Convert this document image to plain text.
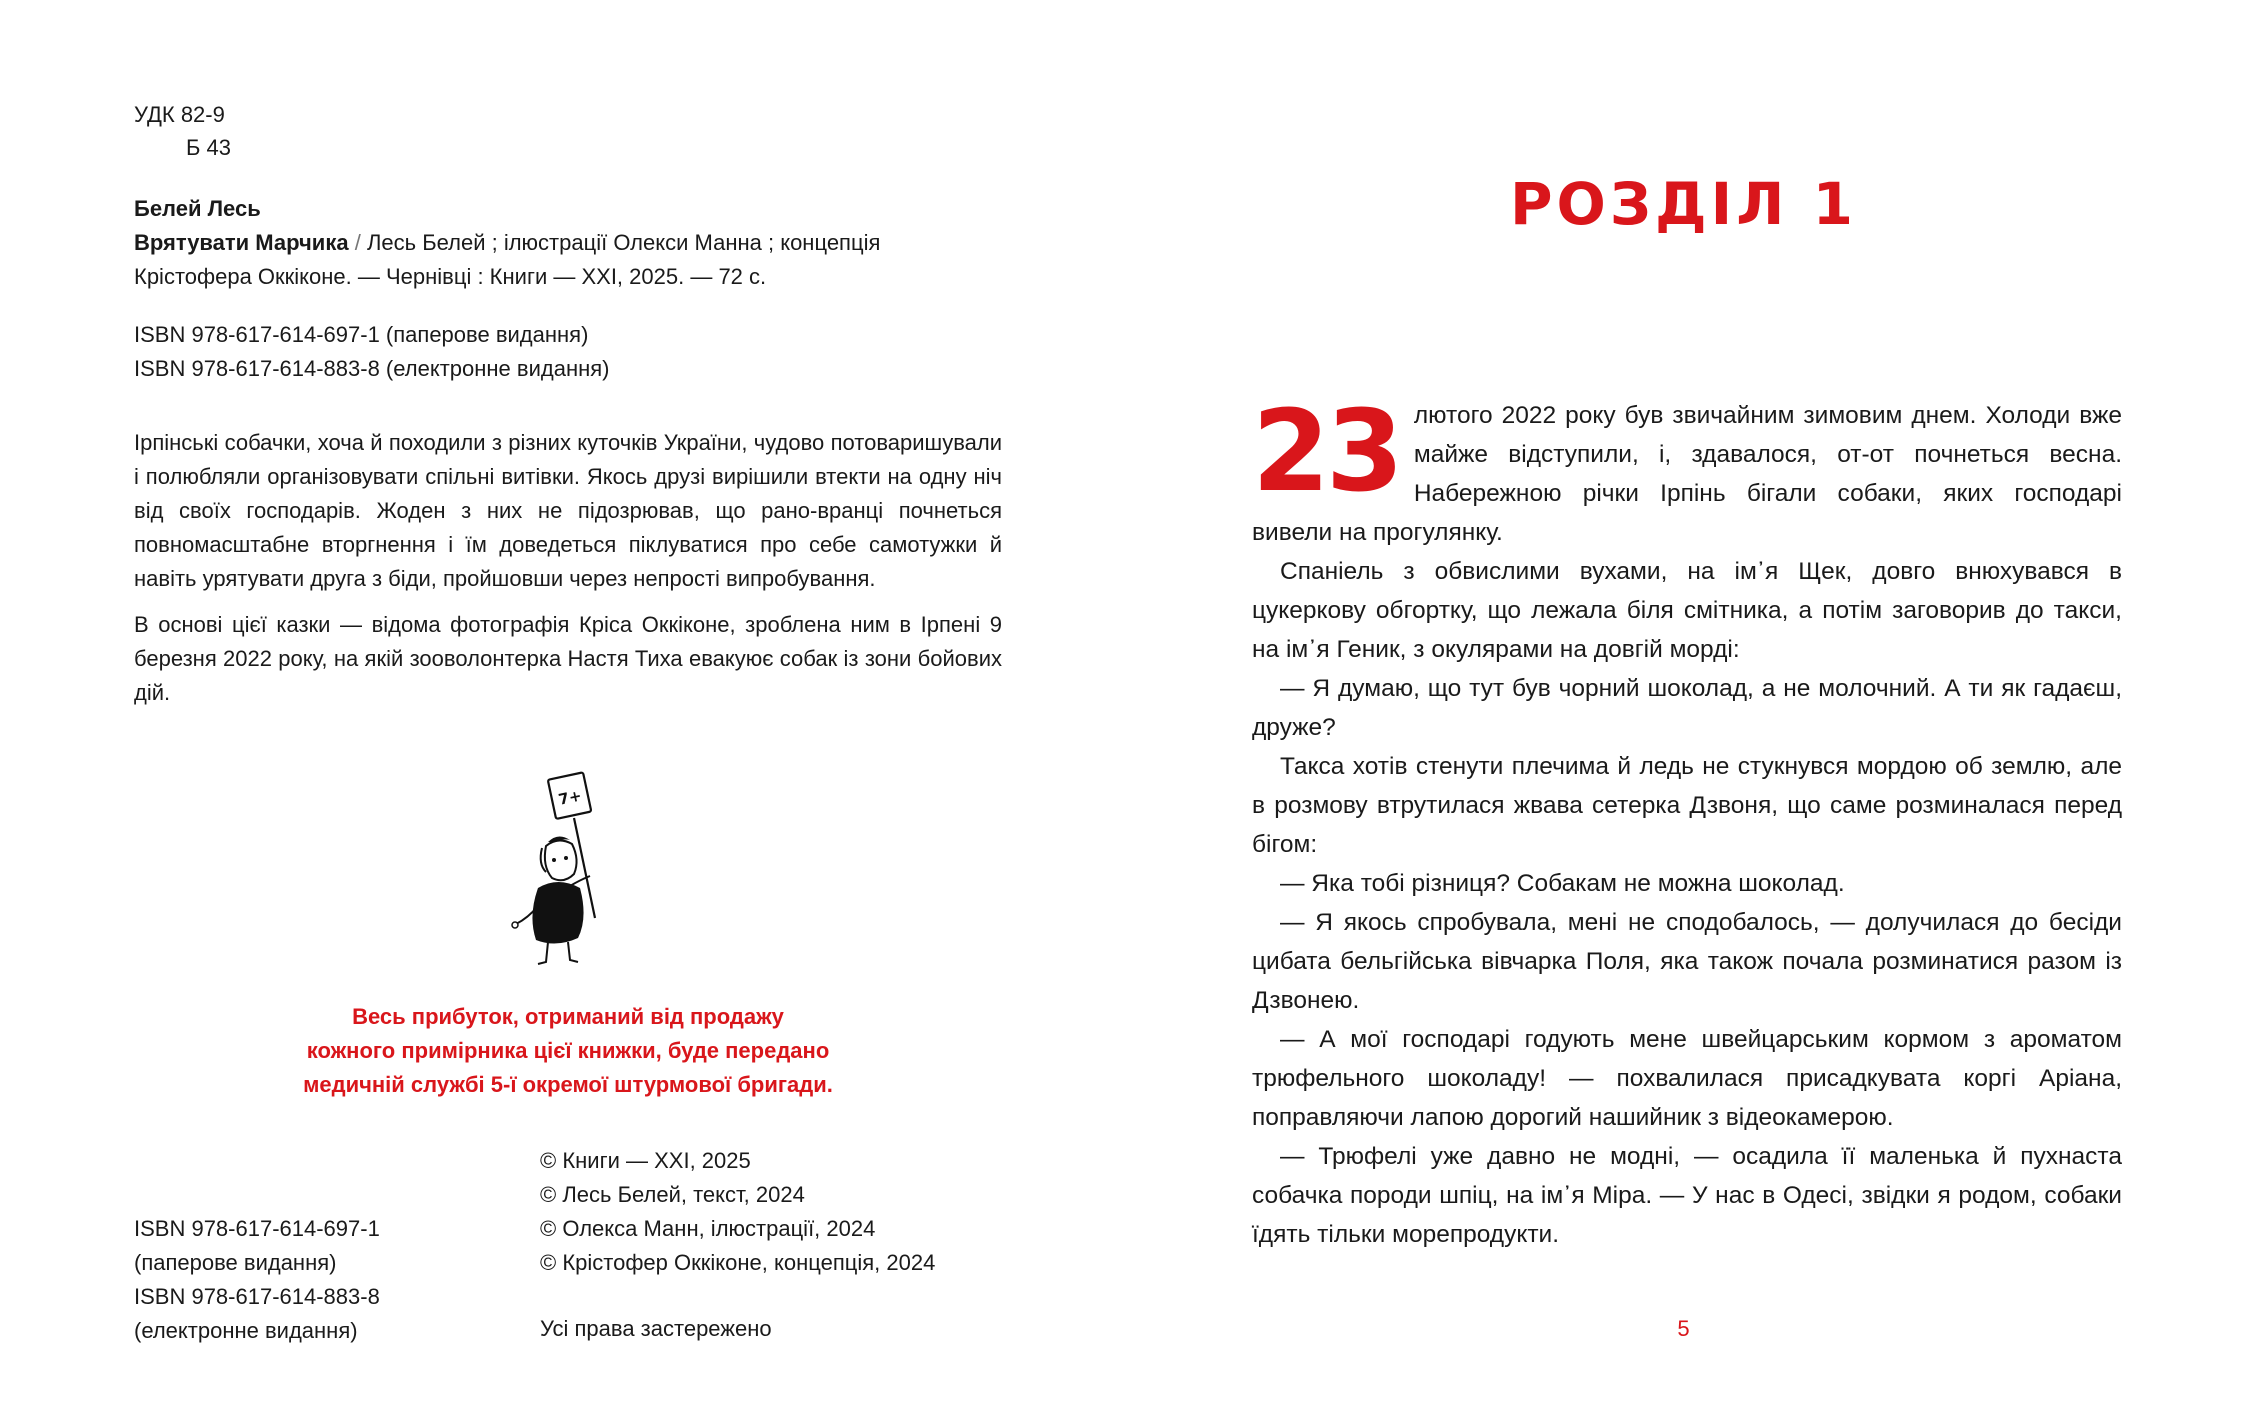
УДК 82-9
Б 43
Белей Лесь
Врятувати Марчика / Лесь Белей ; ілюстрації Олекси Манна ; концепція Крістофера Оккіконе. — Чернівці : Книги — ХХІ, 2025. — 72 с.
ISBN 978-617-614-697-1 (паперове видання)
ISBN 978-617-614-883-8 (електронне видання)

Ірпінські собачки, хоча й походили з різних куточків України, чудово потоваришували і полюбляли організовувати спільні витівки. Якось друзі вирішили втекти на одну ніч від своїх господарів. Жоден з них не підозрював, що рано-вранці почнеться повномасштабне вторгнення і їм доведеться піклуватися про себе самотужки й навіть урятувати друга з біди, пройшовши через непрості випробування.

В основі цієї казки — відома фотографія Кріса Оккіконе, зроблена ним в Ірпені 9 березня 2022 року, на якій зооволонтерка Настя Тиха евакуює собак із зони бойових дій.

7+
Весь прибуток, отриманий від продажу
кожного примірника цієї книжки, буде передано
медичній службі 5-ї окремої штурмової бригади.
ISBN 978-617-614-697-1
(паперове видання)
ISBN 978-617-614-883-8
(електронне видання)
© Книги — ХХІ, 2025
© Лесь Белей, текст, 2024
© Олекса Манн, ілюстрації, 2024
© Крістофер Оккіконе, концепція, 2024
Усі права застережено
РОЗДІЛ 1

23 лютого 2022 року був звичайним зимовим днем. Холоди вже майже відступили, і, здавалося, от-от почнеться весна. Набережною річки Ірпінь бігали собаки, яких господарі вивели на прогулянку.

Спаніель з обвислими вухами, на ім᾿я Щек, довго внюхувався в цукеркову обгортку, що лежала біля смітника, а потім заговорив до такси, на ім᾿я Геник, з окулярами на довгій морді:

— Я думаю, що тут був чорний шоколад, а не молочний. А ти як гадаєш, друже?

Такса хотів стенути плечима й ледь не стукнувся мордою об землю, але в розмову втрутилася жвава сетерка Дзвоня, що саме розминалася перед бігом:

— Яка тобі різниця? Собакам не можна шоколад.

— Я якось спробувала, мені не сподобалось, — долучилася до бесіди цибата бельгійська вівчарка Поля, яка також почала розминатися разом із Дзвонею.

— А мої господарі годують мене швейцарським кормом з ароматом трюфельного шоколаду! — похвалилася присадкувата коргі Аріана, поправляючи лапою дорогий нашийник з відеокамерою.

— Трюфелі уже давно не модні, — осадила її маленька й пухнаста собачка породи шпіц, на ім᾿я Міра. — У нас в Одесі, звідки я родом, собаки їдять тільки морепродукти.

5
